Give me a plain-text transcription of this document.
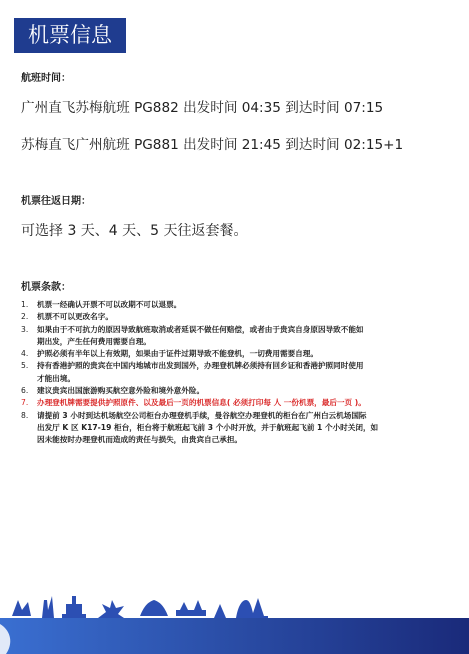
机票信息
航班时间：
广州直飞苏梅航班 PG882 出发时间 04:35 到达时间 07:15
苏梅直飞广州航班 PG881 出发时间 21:45 到达时间 02:15+1
机票往返日期：
可选择 3 天、4 天、5 天往返套餐。
机票条款：
1. 机票一经确认开票不可以改期不可以退票。
2. 机票不可以更改名字。
3. 如果由于不可抗力的原因导致航班取消或者延误不做任何赔偿，或者由于贵宾自身原因导致不能如
期出发，产生任何费用需要自理。
4. 护照必须有半年以上有效期，如果由于证件过期导致不能登机，一切费用需要自理。
5. 持有香港护照的贵宾在中国内地城市出发到国外，办理登机牌必须持有回乡证和香港护照同时使用
才能出境。
6. 建议贵宾出国旅游购买航空意外险和境外意外险。
7. 办理登机牌需要提供护照原件、以及最后一页的机票信息( 必须打印每 人 一份机票，最后一页 )。
8. 请提前 3 小时到达机场航空公司柜台办理登机手续，曼谷航空办理登机的柜台在广州白云机场国际
出发厅 K 区 K17-19 柜台，柜台将于航班起飞前 3 个小时开放，并于航班起飞前 1 个小时关闭，如
因未能按时办理登机而造成的责任与损失，由贵宾自己承担。
